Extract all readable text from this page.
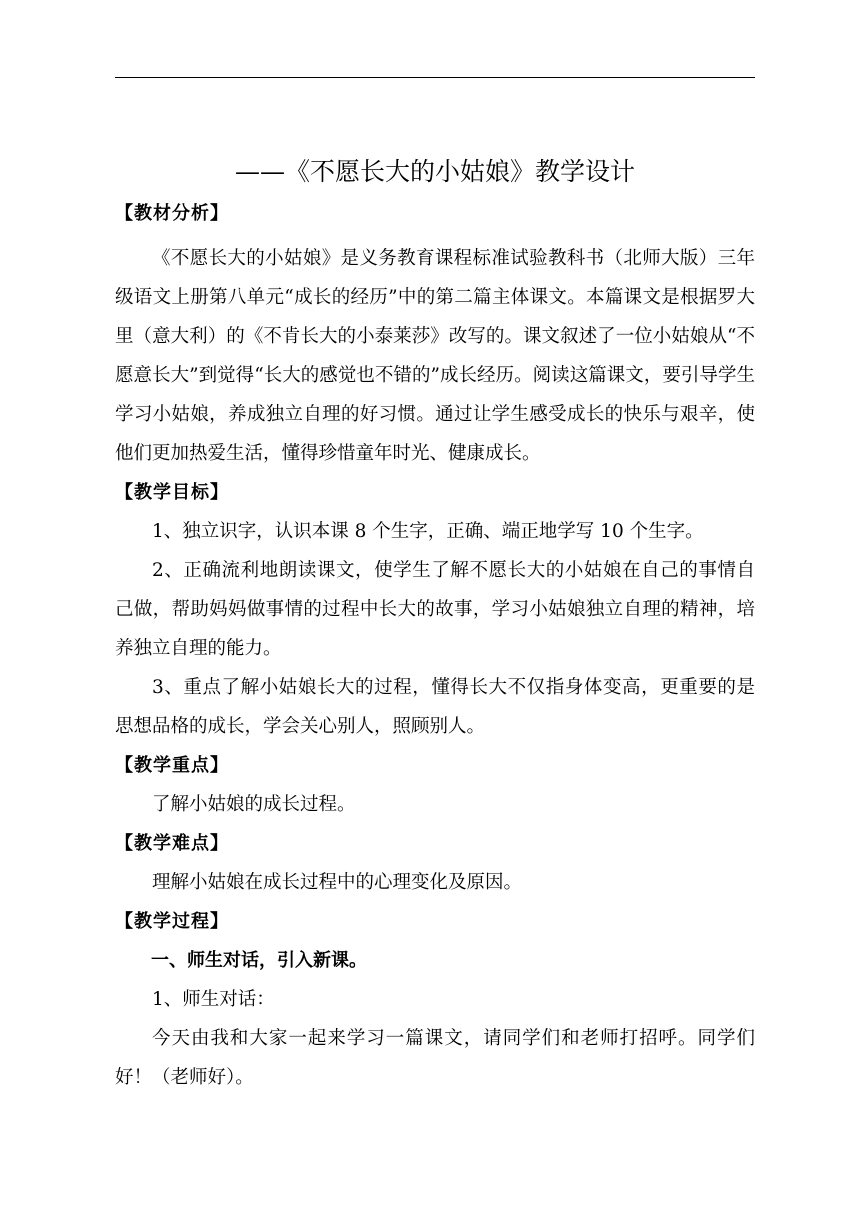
——《不愿长大的小姑娘》教学设计

【教材分析】

《不愿长大的小姑娘》是义务教育课程标准试验教科书（北师大版）三年级语文上册第八单元“成长的经历”中的第二篇主体课文。本篇课文是根据罗大里（意大利）的《不肯长大的小泰莱莎》改写的。课文叙述了一位小姑娘从“不愿意长大”到觉得“长大的感觉也不错的”成长经历。阅读这篇课文，要引导学生学习小姑娘，养成独立自理的好习惯。通过让学生感受成长的快乐与艰辛，使他们更加热爱生活，懂得珍惜童年时光、健康成长。

【教学目标】

1、独立识字，认识本课 8 个生字，正确、端正地学写 10 个生字。

2、正确流利地朗读课文，使学生了解不愿长大的小姑娘在自己的事情自己做，帮助妈妈做事情的过程中长大的故事，学习小姑娘独立自理的精神，培养独立自理的能力。

3、重点了解小姑娘长大的过程，懂得长大不仅指身体变高，更重要的是思想品格的成长，学会关心别人，照顾别人。

【教学重点】

了解小姑娘的成长过程。

【教学难点】

理解小姑娘在成长过程中的心理变化及原因。

【教学过程】

一、师生对话，引入新课。

1、师生对话：

今天由我和大家一起来学习一篇课文，请同学们和老师打招呼。同学们好！（老师好）。
